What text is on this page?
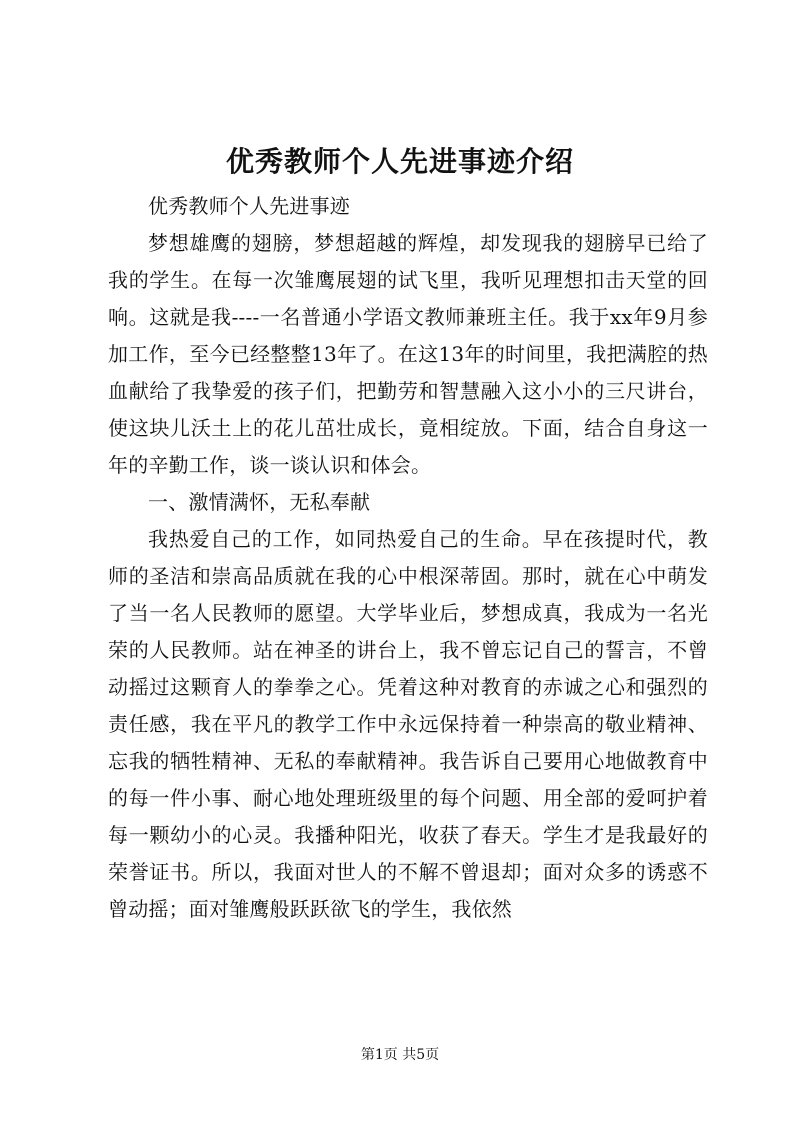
优秀教师个人先进事迹介绍

优秀教师个人先进事迹

梦想雄鹰的翅膀，梦想超越的辉煌，却发现我的翅膀早已给了我的学生。在每一次雏鹰展翅的试飞里，我听见理想扣击天堂的回响。这就是我----一名普通小学语文教师兼班主任。我于xx年9月参加工作，至今已经整整13年了。在这13年的时间里，我把满腔的热血献给了我挚爱的孩子们，把勤劳和智慧融入这小小的三尺讲台，使这块儿沃土上的花儿茁壮成长，竟相绽放。下面，结合自身这一年的辛勤工作，谈一谈认识和体会。

一、激情满怀，无私奉献

我热爱自己的工作，如同热爱自己的生命。早在孩提时代，教师的圣洁和崇高品质就在我的心中根深蒂固。那时，就在心中萌发了当一名人民教师的愿望。大学毕业后，梦想成真，我成为一名光荣的人民教师。站在神圣的讲台上，我不曾忘记自己的誓言，不曾动摇过这颗育人的拳拳之心。凭着这种对教育的赤诚之心和强烈的责任感，我在平凡的教学工作中永远保持着一种崇高的敬业精神、忘我的牺牲精神、无私的奉献精神。我告诉自己要用心地做教育中的每一件小事、耐心地处理班级里的每个问题、用全部的爱呵护着每一颗幼小的心灵。我播种阳光，收获了春天。学生才是我最好的荣誉证书。所以，我面对世人的不解不曾退却；面对众多的诱惑不曾动摇；面对雏鹰般跃跃欲飞的学生，我依然

第1页 共5页
